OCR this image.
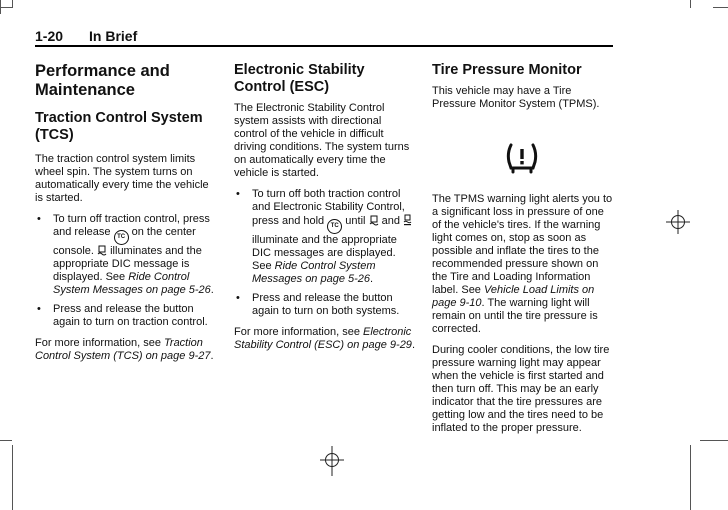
1-20 In Brief
Performance and Maintenance
Traction Control System (TCS)

The traction control system limits wheel spin. The system turns on automatically every time the vehicle is started.

• To turn off traction control, press and release TC on the center console. illuminates and the appropriate DIC message is displayed. See Ride Control System Messages on page 5-26.
• Press and release the button again to turn on traction control.

For more information, see Traction Control System (TCS) on page 9-27.

Electronic Stability Control (ESC)

The Electronic Stability Control system assists with directional control of the vehicle in difficult driving conditions. The system turns on automatically every time the vehicle is started.

• To turn off both traction control and Electronic Stability Control, press and hold TC until and  illuminate and the appropriate DIC messages are displayed. See Ride Control System Messages on page 5-26.
• Press and release the button again to turn on both systems.

For more information, see Electronic Stability Control (ESC) on page 9-29.

Tire Pressure Monitor

This vehicle may have a Tire Pressure Monitor System (TPMS).

The TPMS warning light alerts you to a significant loss in pressure of one of the vehicle's tires. If the warning light comes on, stop as soon as possible and inflate the tires to the recommended pressure shown on the Tire and Loading Information label. See Vehicle Load Limits on page 9-10. The warning light will remain on until the tire pressure is corrected.

During cooler conditions, the low tire pressure warning light may appear when the vehicle is first started and then turn off. This may be an early indicator that the tire pressures are getting low and the tires need to be inflated to the proper pressure.
